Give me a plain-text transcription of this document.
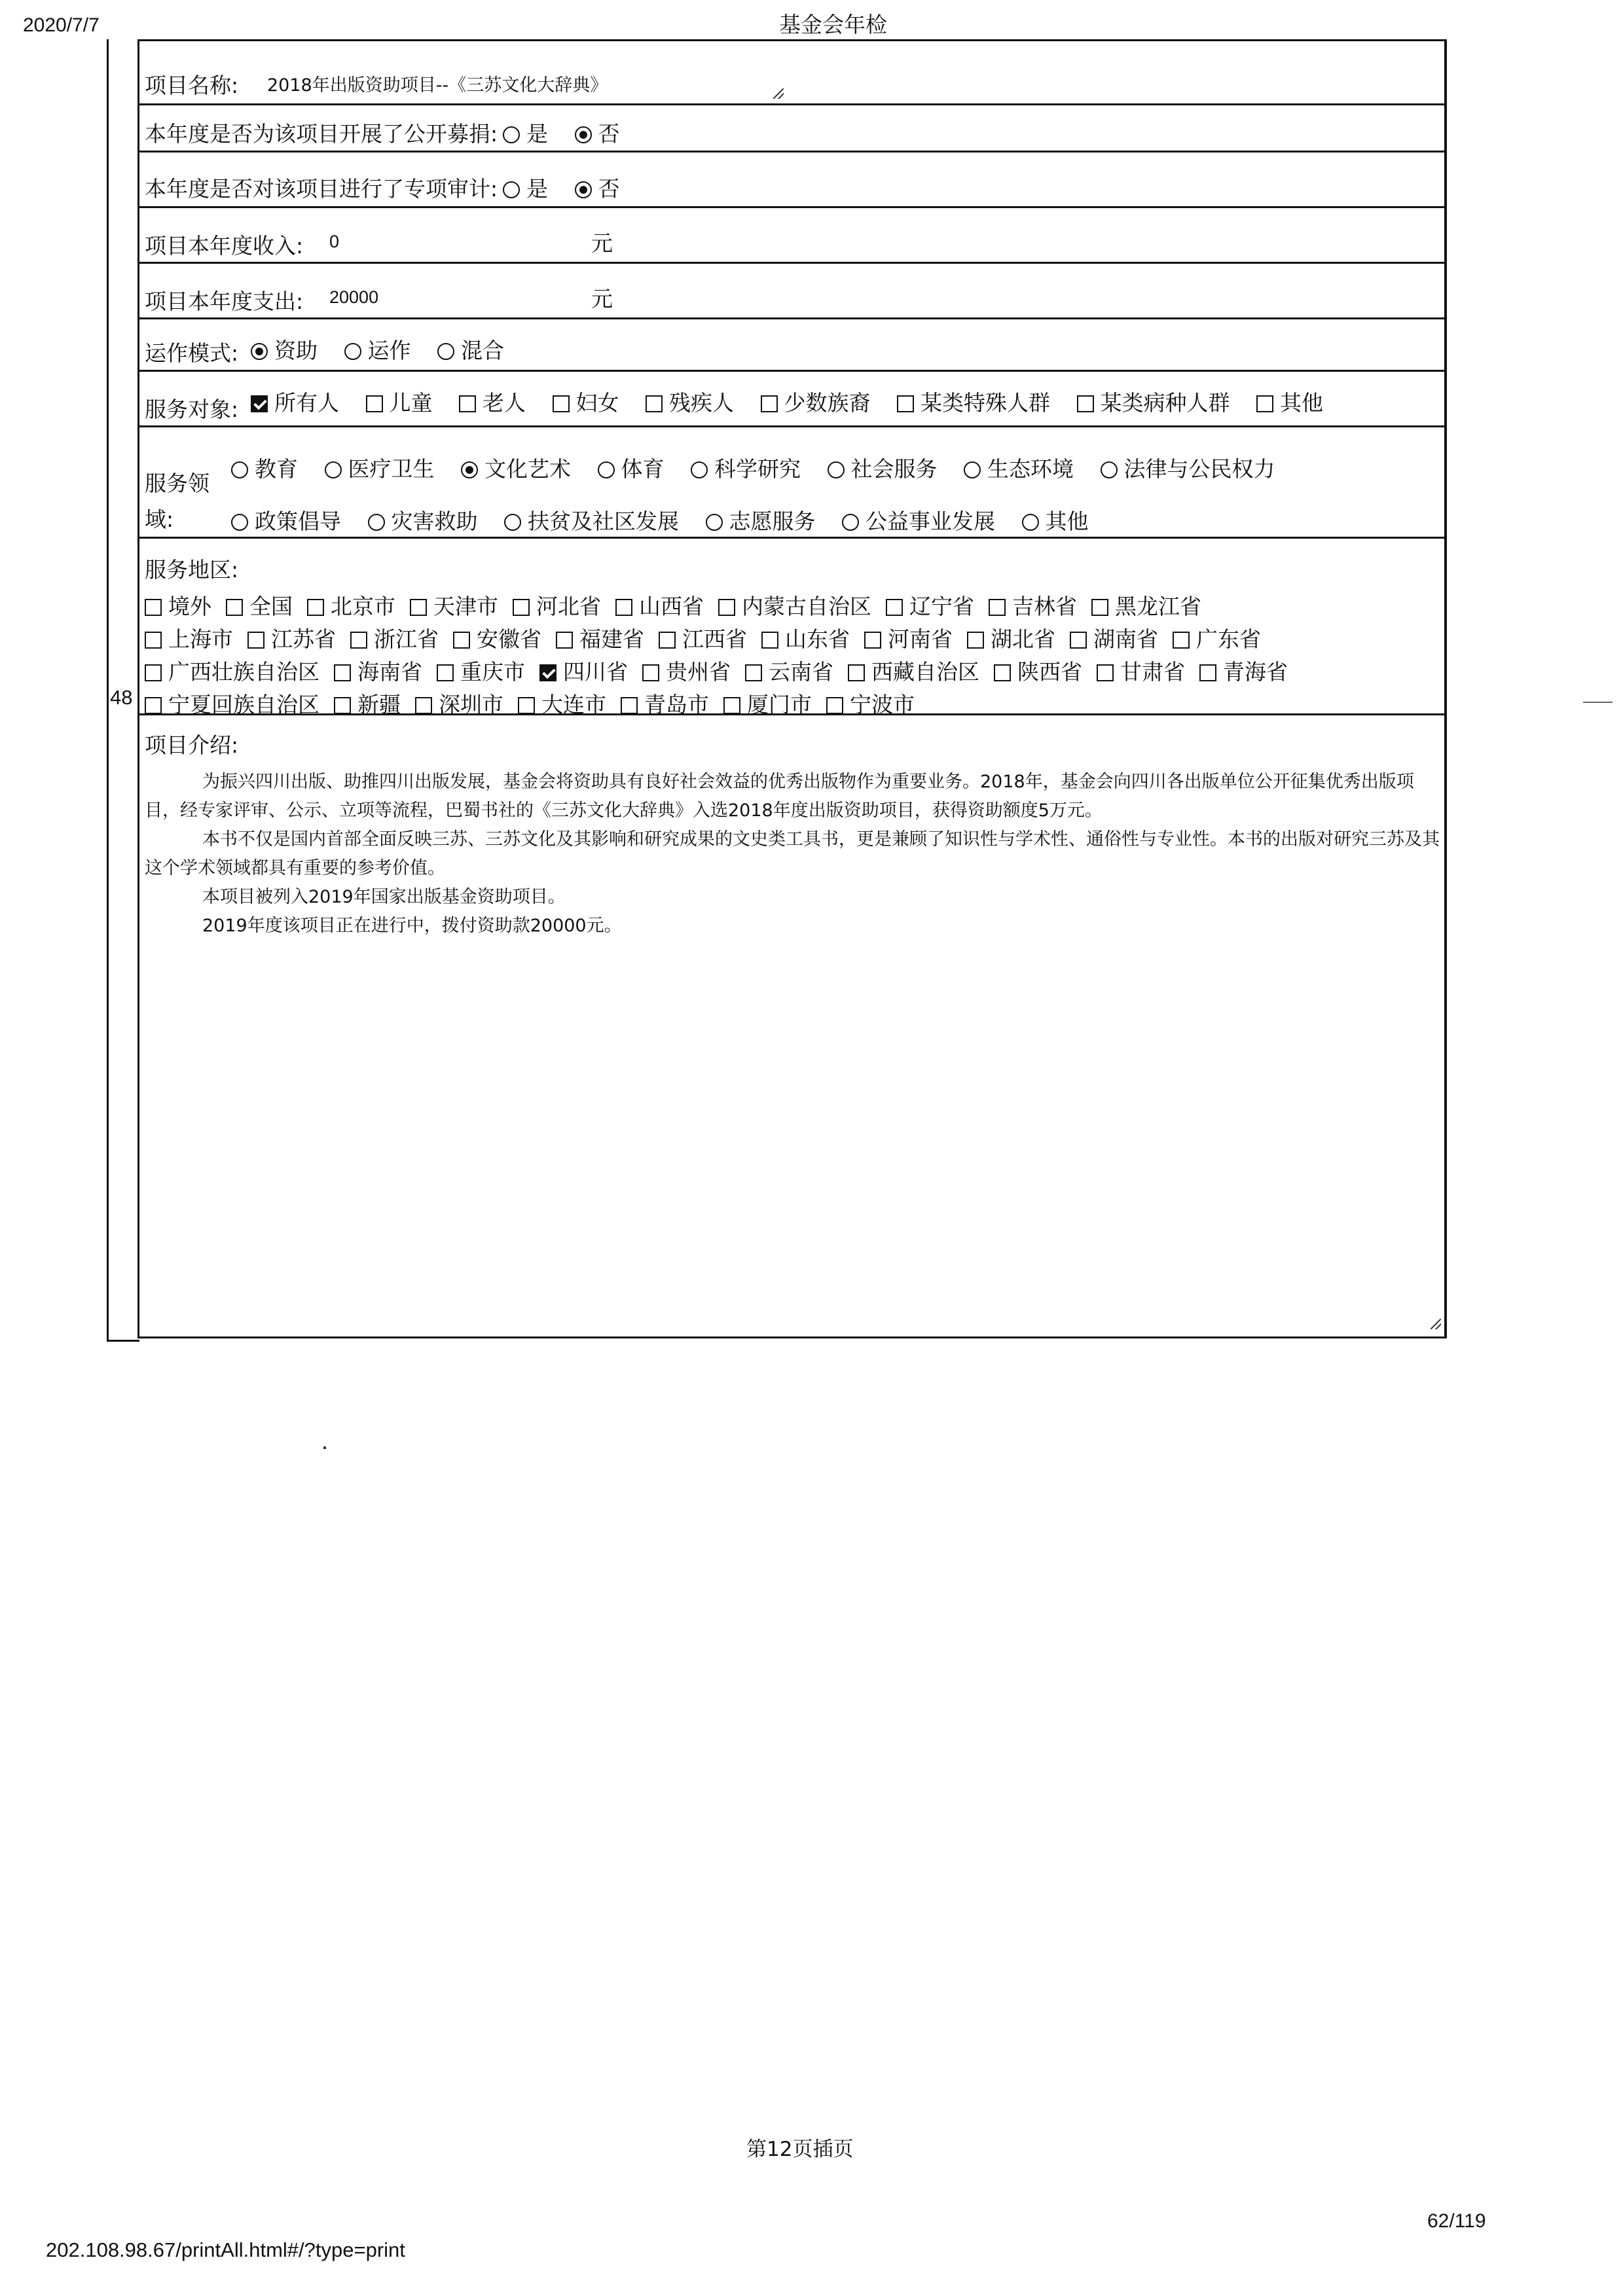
2020/7/7	基金会年检
第12页插页
202.108.98.67/printAll.html#/?type=print
62/119
48
项目名称: 2018年出版资助项目--《三苏文化大辞典》
本年度是否为该项目开展了公开募捐:	是 否
本年度是否对该项目进行了专项审计:	是 否
项目本年度收入: 0	元
项目本年度支出: 20000	元
运作模式:	资助 运作 混合
服务对象:	所有人 儿童 老人 妇女 残疾人 少数族裔 某类特殊人群 某类病种人群 其他
服务领
域:
教育 医疗卫生 文化艺术 体育 科学研究 社会服务 生态环境 法律与公民权力
政策倡导 灾害救助 扶贫及社区发展 志愿服务 公益事业发展 其他
服务地区:
境外 全国 北京市 天津市 河北省 山西省 内蒙古自治区 辽宁省 吉林省 黑龙江省
上海市 江苏省 浙江省 安徽省 福建省 江西省 山东省 河南省 湖北省 湖南省 广东省
广西壮族自治区 海南省 重庆市 四川省 贵州省 云南省 西藏自治区 陕西省 甘肃省 青海省
宁夏回族自治区 新疆 深圳市 大连市 青岛市 厦门市 宁波市
项目介绍:
为振兴四川出版、助推四川出版发展，基金会将资助具有良好社会效益的优秀出版物作为重要业务。2018年，基金会向四川各出版单位公开征集优秀出版项目，经专家评审、公示、立项等流程，巴蜀书社的《三苏文化大辞典》入选2018年度出版资助项目，获得资助额度5万元。
本书不仅是国内首部全面反映三苏、三苏文化及其影响和研究成果的文史类工具书，更是兼顾了知识性与学术性、通俗性与专业性。本书的出版对研究三苏及其这个学术领域都具有重要的参考价值。
本项目被列入2019年国家出版基金资助项目。
2019年度该项目正在进行中，拨付资助款20000元。
